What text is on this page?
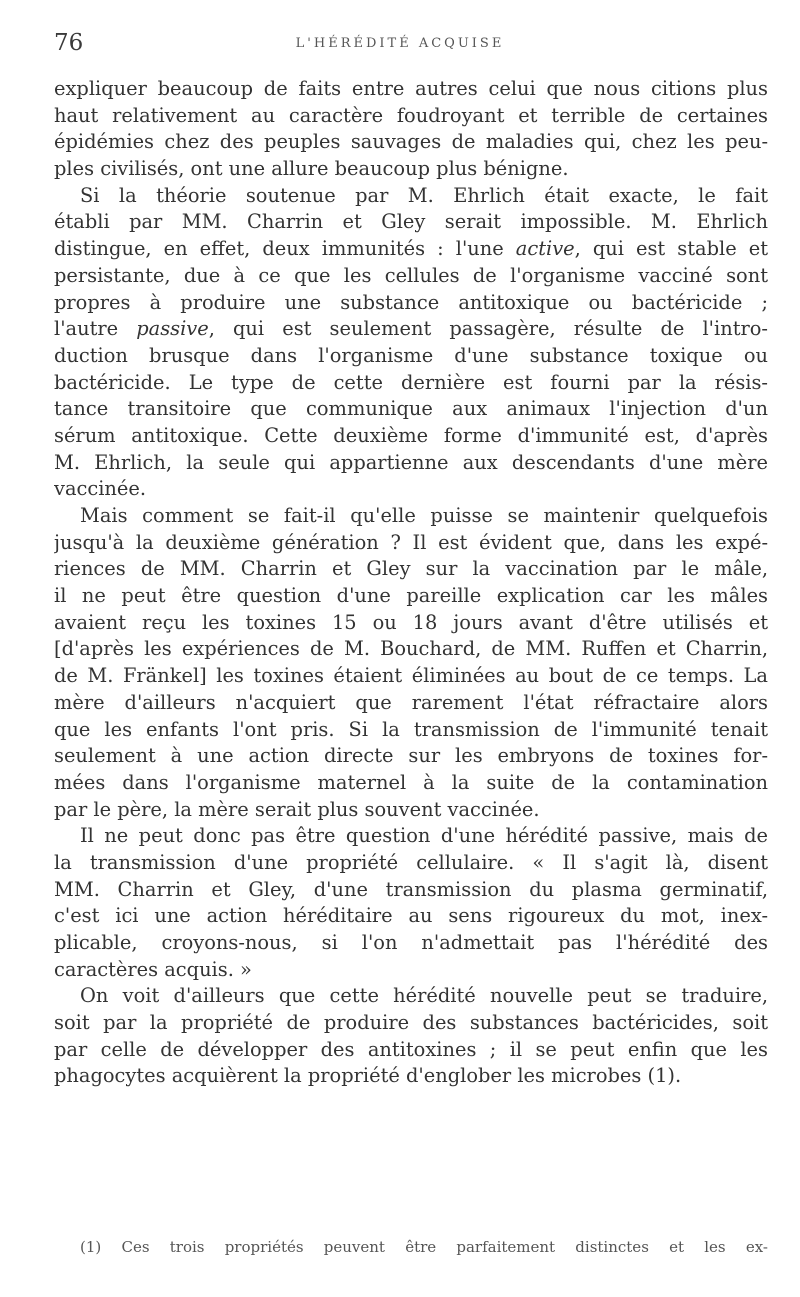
76	L'HÉRÉDITÉ ACQUISE
expliquer beaucoup de faits entre autres celui que nous citions plus
haut relativement au caractère foudroyant et terrible de certaines
épidémies chez des peuples sauvages de maladies qui, chez les peu-
ples civilisés, ont une allure beaucoup plus bénigne.
Si la théorie soutenue par M. Ehrlich était exacte, le fait
établi par MM. Charrin et Gley serait impossible. M. Ehrlich
distingue, en effet, deux immunités : l'une active, qui est stable et
persistante, due à ce que les cellules de l'organisme vacciné sont
propres à produire une substance antitoxique ou bactéricide ;
l'autre passive, qui est seulement passagère, résulte de l'intro-
duction brusque dans l'organisme d'une substance toxique ou
bactéricide. Le type de cette dernière est fourni par la résis-
tance transitoire que communique aux animaux l'injection d'un
sérum antitoxique. Cette deuxième forme d'immunité est, d'après
M. Ehrlich, la seule qui appartienne aux descendants d'une mère
vaccinée.
Mais comment se fait-il qu'elle puisse se maintenir quelquefois
jusqu'à la deuxième génération ? Il est évident que, dans les expé-
riences de MM. Charrin et Gley sur la vaccination par le mâle,
il ne peut être question d'une pareille explication car les mâles
avaient reçu les toxines 15 ou 18 jours avant d'être utilisés et
[d'après les expériences de M. Bouchard, de MM. Ruffen et Charrin,
de M. Fränkel] les toxines étaient éliminées au bout de ce temps. La
mère d'ailleurs n'acquiert que rarement l'état réfractaire alors
que les enfants l'ont pris. Si la transmission de l'immunité tenait
seulement à une action directe sur les embryons de toxines for-
mées dans l'organisme maternel à la suite de la contamination
par le père, la mère serait plus souvent vaccinée.
Il ne peut donc pas être question d'une hérédité passive, mais de
la transmission d'une propriété cellulaire. « Il s'agit là, disent
MM. Charrin et Gley, d'une transmission du plasma germinatif,
c'est ici une action héréditaire au sens rigoureux du mot, inex-
plicable, croyons-nous, si l'on n'admettait pas l'hérédité des
caractères acquis. »
On voit d'ailleurs que cette hérédité nouvelle peut se traduire,
soit par la propriété de produire des substances bactéricides, soit
par celle de développer des antitoxines ; il se peut enfin que les
phagocytes acquièrent la propriété d'englober les microbes (1).
(1) Ces trois propriétés peuvent être parfaitement distinctes et les ex-
